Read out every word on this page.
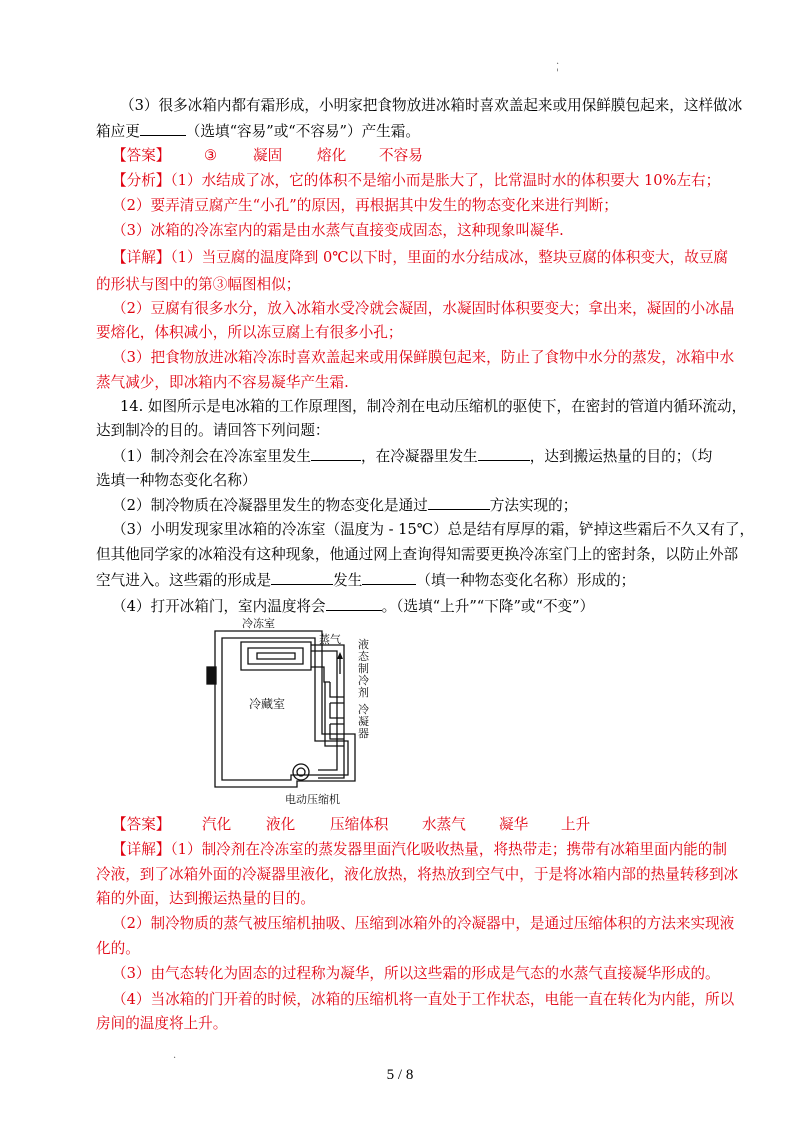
.
'
（3）很多冰箱内都有霜形成，小明家把食物放进冰箱时喜欢盖起来或用保鲜膜包起来，这样做冰
箱应更	（选填“容易”或“不容易”）产生霜。
【答案】 ③ 凝固 熔化 不容易
【分析】（1）水结成了冰，它的体积不是缩小而是胀大了，比常温时水的体积要大 10%左右；
（2）要弄清豆腐产生“小孔”的原因，再根据其中发生的物态变化来进行判断；
（3）冰箱的冷冻室内的霜是由水蒸气直接变成固态，这种现象叫凝华.
【详解】（1）当豆腐的温度降到 0℃以下时，里面的水分结成冰，整块豆腐的体积变大，故豆腐
的形状与图中的第③幅图相似；
（2）豆腐有很多水分，放入冰箱水受冷就会凝固，水凝固时体积要变大；拿出来，凝固的小冰晶
要熔化，体积减小，所以冻豆腐上有很多小孔；
（3）把食物放进冰箱冷冻时喜欢盖起来或用保鲜膜包起来，防止了食物中水分的蒸发，冰箱中水
蒸气减少，即冰箱内不容易凝华产生霜.
14. 如图所示是电冰箱的工作原理图，制冷剂在电动压缩机的驱使下，在密封的管道内循环流动，
达到制冷的目的。请回答下列问题：
（1）制冷剂会在冷冻室里发生	，在冷凝器里发生	，达到搬运热量的目的；（均
选填一种物态变化名称）
（2）制冷物质在冷凝器里发生的物态变化是通过	方法实现的；
（3）小明发现家里冰箱的冷冻室（温度为 - 15℃）总是结有厚厚的霜，铲掉这些霜后不久又有了，
但其他同学家的冰箱没有这种现象，他通过网上查询得知需要更换冷冻室门上的密封条，以防止外部
空气进入。这些霜的形成是	发生	（填一种物态变化名称）形成的；
（4）打开冰箱门，室内温度将会	。（选填“上升”“下降”或“不变”）
冷冻室
蒸气 液态制冷剂
冷藏室	冷凝器
电动压缩机
【答案】 汽化 液化 压缩体积 水蒸气 凝华 上升
【详解】（1）制冷剂在冷冻室的蒸发器里面汽化吸收热量，将热带走；携带有冰箱里面内能的制
冷液，到了冰箱外面的冷凝器里液化，液化放热，将热放到空气中，于是将冰箱内部的热量转移到冰
箱的外面，达到搬运热量的目的。
（2）制冷物质的蒸气被压缩机抽吸、压缩到冰箱外的冷凝器中，是通过压缩体积的方法来实现液
化的。
（3）由气态转化为固态的过程称为凝华，所以这些霜的形成是气态的水蒸气直接凝华形成的。
（4）当冰箱的门开着的时候，冰箱的压缩机将一直处于工作状态，电能一直在转化为内能，所以
房间的温度将上升。
.
5 / 8
